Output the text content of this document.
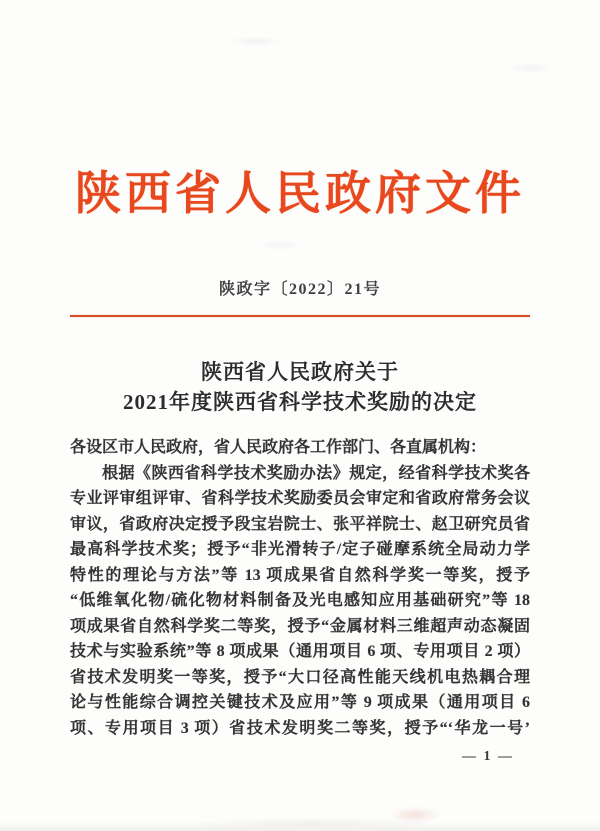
陕西省人民政府文件
陕政字〔2022〕21号
陕西省人民政府关于
2021年度陕西省科学技术奖励的决定
各设区市人民政府，省人民政府各工作部门、各直属机构：
根据《陕西省科学技术奖励办法》规定，经省科学技术奖各
专业评审组评审、省科学技术奖励委员会审定和省政府常务会议
审议，省政府决定授予段宝岩院士、张平祥院士、赵卫研究员省
最高科学技术奖；授予“非光滑转子/定子碰摩系统全局动力学
特性的理论与方法”等 13 项成果省自然科学奖一等奖，授予
“低维氧化物/硫化物材料制备及光电感知应用基础研究”等 18
项成果省自然科学奖二等奖，授予“金属材料三维超声动态凝固
技术与实验系统”等 8 项成果（通用项目 6 项、专用项目 2 项）
省技术发明奖一等奖，授予“大口径高性能天线机电热耦合理
论与性能综合调控关键技术及应用”等 9 项成果（通用项目 6
项、专用项目 3 项）省技术发明奖二等奖，授予“‘华龙一号’
— 1 —
